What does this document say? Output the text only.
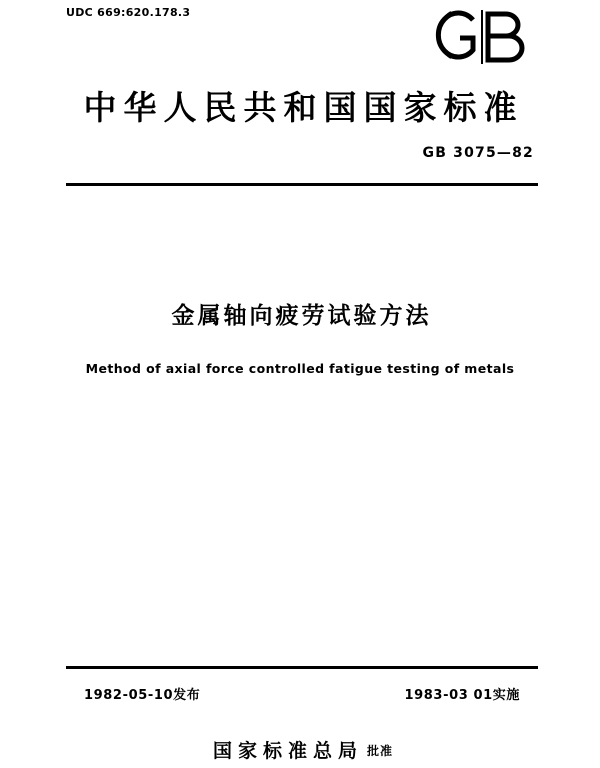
UDC 669:620.178.3
中华人民共和国国家标准
GB 3075—82
金属轴向疲劳试验方法
Method of axial force controlled fatigue testing of metals
1982-05-10发布	1983-03 01实施
国家标准总局 批准
